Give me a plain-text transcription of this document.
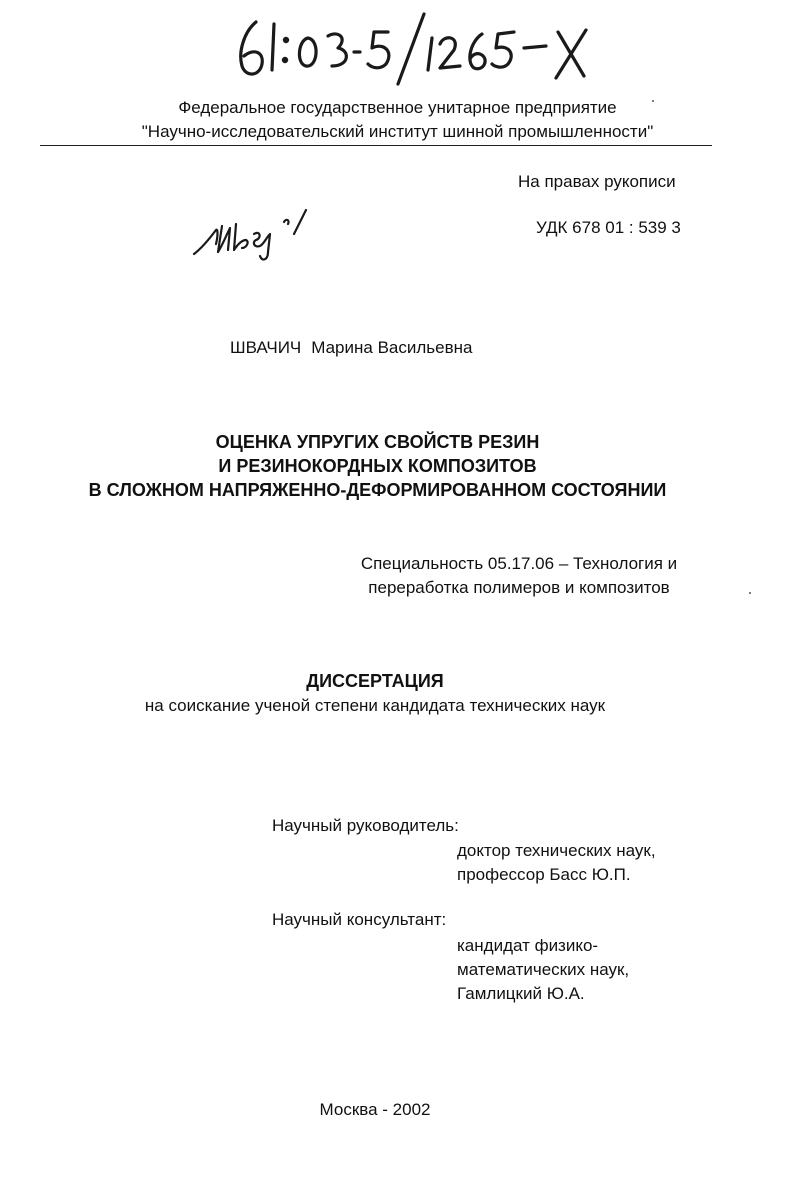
Федеральное государственное унитарное предприятие
"Научно-исследовательский институт шинной промышленности"
На правах рукописи
УДК 678 01 : 539 3
ШВАЧИЧ Марина Васильевна
ОЦЕНКА УПРУГИХ СВОЙСТВ РЕЗИН
И РЕЗИНОКОРДНЫХ КОМПОЗИТОВ
В СЛОЖНОМ НАПРЯЖЕННО-ДЕФОРМИРОВАННОМ СОСТОЯНИИ
Специальность 05.17.06 – Технология и
переработка полимеров и композитов
ДИССЕРТАЦИЯ
на соискание ученой степени кандидата технических наук
Научный руководитель:
доктор технических наук,
профессор Басс Ю.П.
Научный консультант:
кандидат физико-
математических наук,
Гамлицкий Ю.А.
Москва - 2002
